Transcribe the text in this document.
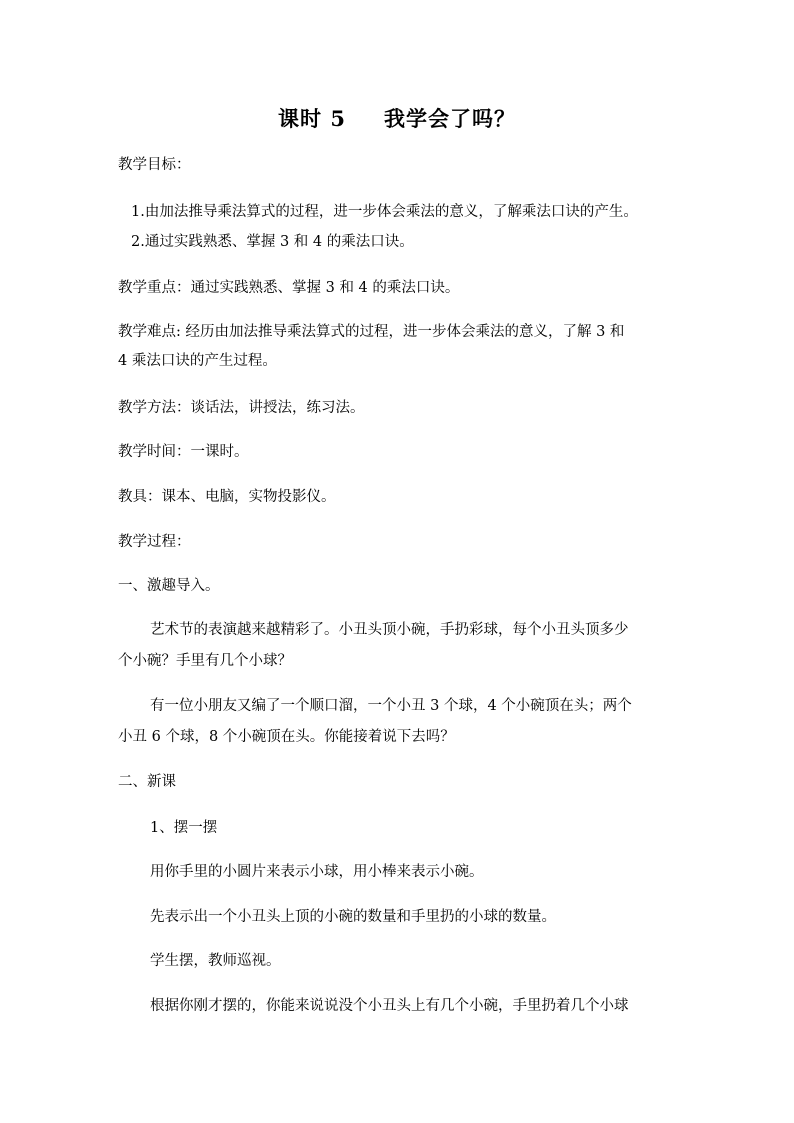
课时 5 我学会了吗？
教学目标：
1.由加法推导乘法算式的过程，进一步体会乘法的意义，了解乘法口诀的产生。
2.通过实践熟悉、掌握 3 和 4 的乘法口诀。
教学重点：通过实践熟悉、掌握 3 和 4 的乘法口诀。
教学难点: 经历由加法推导乘法算式的过程，进一步体会乘法的意义，了解 3 和
4 乘法口诀的产生过程。
教学方法：谈话法，讲授法，练习法。
教学时间：一课时。
教具：课本、电脑，实物投影仪。
教学过程：
一、激趣导入。
艺术节的表演越来越精彩了。小丑头顶小碗，手扔彩球，每个小丑头顶多少
个小碗？手里有几个小球？
有一位小朋友又编了一个顺口溜，一个小丑 3 个球，4 个小碗顶在头；两个
小丑 6 个球，8 个小碗顶在头。你能接着说下去吗？
二、新课
1、摆一摆
用你手里的小圆片来表示小球，用小棒来表示小碗。
先表示出一个小丑头上顶的小碗的数量和手里扔的小球的数量。
学生摆，教师巡视。
根据你刚才摆的，你能来说说没个小丑头上有几个小碗，手里扔着几个小球
